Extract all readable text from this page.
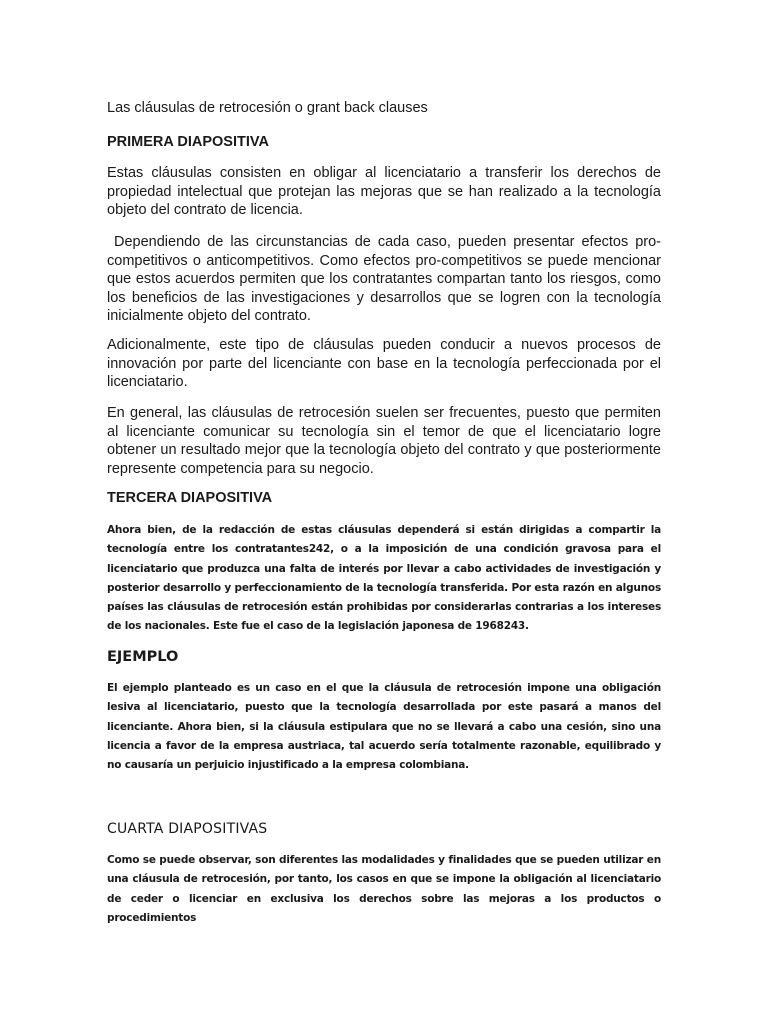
Las cláusulas de retrocesión o grant back clauses
PRIMERA DIAPOSITIVA
Estas cláusulas consisten en obligar al licenciatario a transferir los derechos de propiedad intelectual que protejan las mejoras que se han realizado a la tecnología objeto del contrato de licencia.
Dependiendo de las circunstancias de cada caso, pueden presentar efectos pro-competitivos o anticompetitivos. Como efectos pro-competitivos se puede mencionar que estos acuerdos permiten que los contratantes compartan tanto los riesgos, como los beneficios de las investigaciones y desarrollos que se logren con la tecnología inicialmente objeto del contrato.
Adicionalmente, este tipo de cláusulas pueden conducir a nuevos procesos de innovación por parte del licenciante con base en la tecnología perfeccionada por el licenciatario.
En general, las cláusulas de retrocesión suelen ser frecuentes, puesto que permiten al licenciante comunicar su tecnología sin el temor de que el licenciatario logre obtener un resultado mejor que la tecnología objeto del contrato y que posteriormente represente competencia para su negocio.
TERCERA DIAPOSITIVA
Ahora bien, de la redacción de estas cláusulas dependerá si están dirigidas a compartir la tecnología entre los contratantes242, o a la imposición de una condición gravosa para el licenciatario que produzca una falta de interés por llevar a cabo actividades de investigación y posterior desarrollo y perfeccionamiento de la tecnología transferida. Por esta razón en algunos países las cláusulas de retrocesión están prohibidas por considerarlas contrarias a los intereses de los nacionales. Este fue el caso de la legislación japonesa de 1968243.
EJEMPLO
El ejemplo planteado es un caso en el que la cláusula de retrocesión impone una obligación lesiva al licenciatario, puesto que la tecnología desarrollada por este pasará a manos del licenciante. Ahora bien, si la cláusula estipulara que no se llevará a cabo una cesión, sino una licencia a favor de la empresa austriaca, tal acuerdo sería totalmente razonable, equilibrado y no causaría un perjuicio injustificado a la empresa colombiana.
CUARTA DIAPOSITIVAS
Como se puede observar, son diferentes las modalidades y finalidades que se pueden utilizar en una cláusula de retrocesión, por tanto, los casos en que se impone la obligación al licenciatario de ceder o licenciar en exclusiva los derechos sobre las mejoras a los productos o procedimientos
